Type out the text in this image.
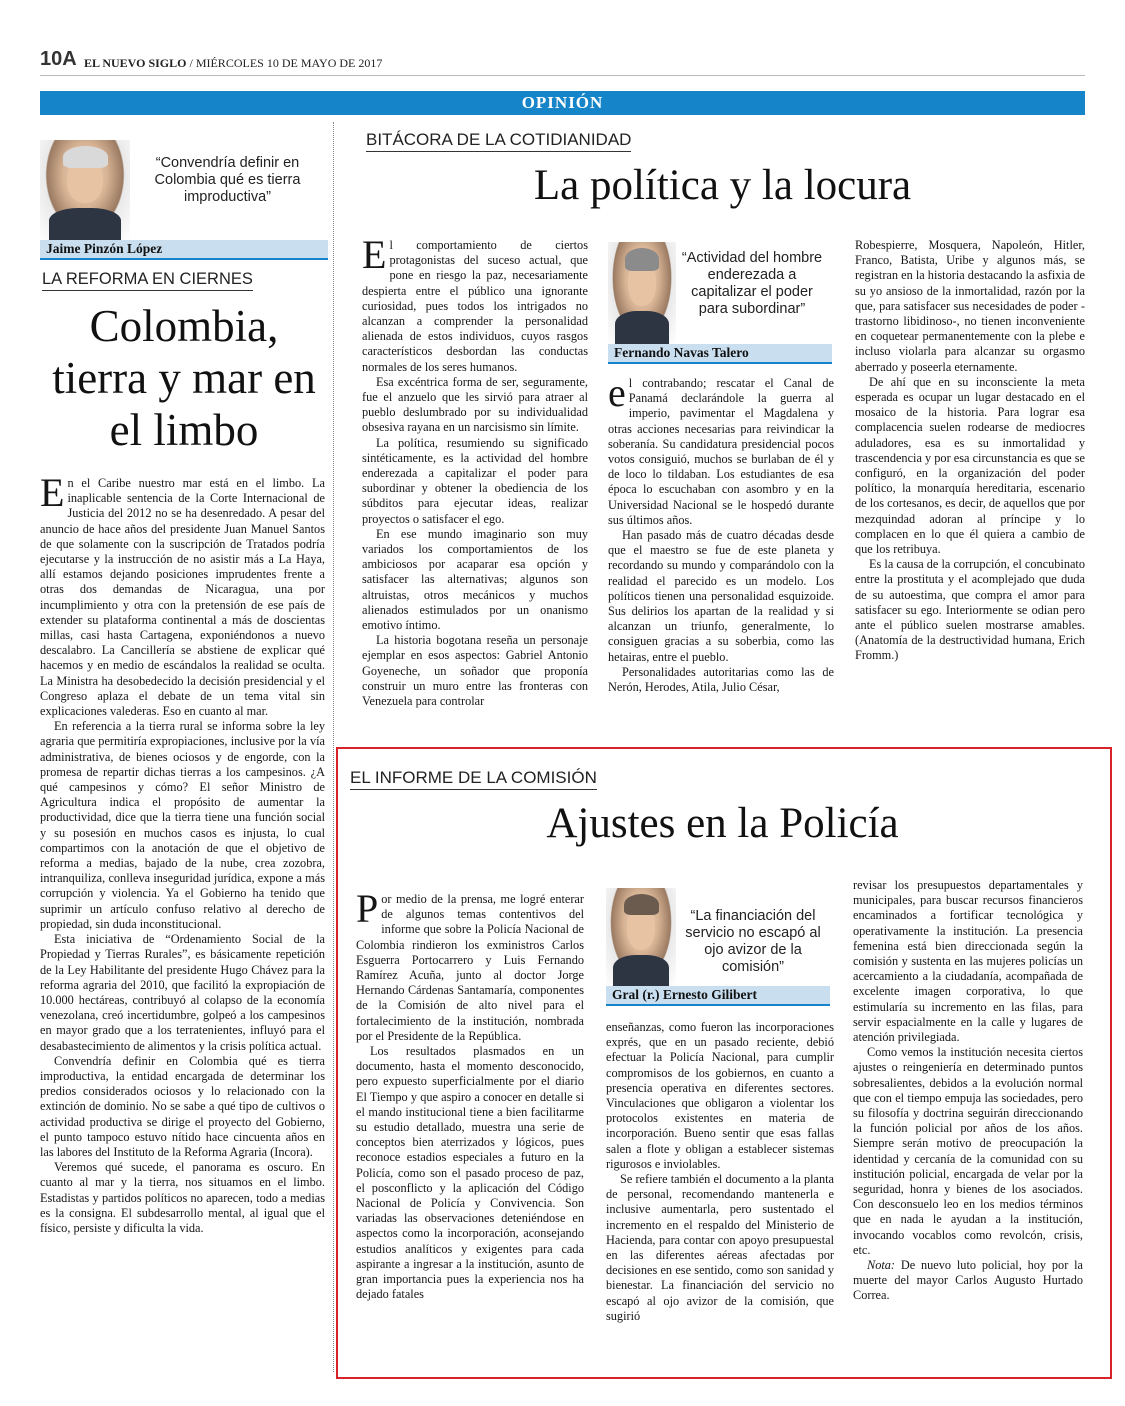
10A EL NUEVO SIGLO / MIÉRCOLES 10 DE MAYO DE 2017
OPINIÓN
“Convendría definir en Colombia qué es tierra improductiva”
Jaime Pinzón López
LA REFORMA EN CIERNES
Colombia, tierra y mar en el limbo

En el Caribe nuestro mar está en el limbo. La inaplicable sentencia de la Corte Internacional de Justicia del 2012 no se ha desenredado. A pesar del anuncio de hace años del presidente Juan Manuel Santos de que solamente con la suscripción de Tratados podría ejecutarse y la instrucción de no asistir más a La Haya, allí estamos dejando posiciones imprudentes frente a otras dos demandas de Nicaragua, una por incumplimiento y otra con la pretensión de ese país de extender su plataforma continental a más de doscientas millas, casi hasta Cartagena, exponiéndonos a nuevo descalabro. La Cancillería se abstiene de explicar qué hacemos y en medio de escándalos la realidad se oculta. La Ministra ha desobedecido la decisión presidencial y el Congreso aplaza el debate de un tema vital sin explicaciones valederas. Eso en cuanto al mar.

En referencia a la tierra rural se informa sobre la ley agraria que permitiría expropiaciones, inclusive por la vía administrativa, de bienes ociosos y de engorde, con la promesa de repartir dichas tierras a los campesinos. ¿A qué campesinos y cómo? El señor Ministro de Agricultura indica el propósito de aumentar la productividad, dice que la tierra tiene una función social y su posesión en muchos casos es injusta, lo cual compartimos con la anotación de que el objetivo de reforma a medias, bajado de la nube, crea zozobra, intranquiliza, conlleva inseguridad jurídica, expone a más corrupción y violencia. Ya el Gobierno ha tenido que suprimir un artículo confuso relativo al derecho de propiedad, sin duda inconstitucional.

Esta iniciativa de “Ordenamiento Social de la Propiedad y Tierras Rurales”, es básicamente repetición de la Ley Habilitante del presidente Hugo Chávez para la reforma agraria del 2010, que facilitó la expropiación de 10.000 hectáreas, contribuyó al colapso de la economía venezolana, creó incertidumbre, golpeó a los campesinos en mayor grado que a los terratenientes, influyó para el desabastecimiento de alimentos y la crisis política actual.

Convendría definir en Colombia qué es tierra improductiva, la entidad encargada de determinar los predios considerados ociosos y lo relacionado con la extinción de dominio. No se sabe a qué tipo de cultivos o actividad productiva se dirige el proyecto del Gobierno, el punto tampoco estuvo nítido hace cincuenta años en las labores del Instituto de la Reforma Agraria (Incora).

Veremos qué sucede, el panorama es oscuro. En cuanto al mar y la tierra, nos situamos en el limbo. Estadistas y partidos políticos no aparecen, todo a medias es la consigna. El subdesarrollo mental, al igual que el físico, persiste y dificulta la vida.

BITÁCORA DE LA COTIDIANIDAD
La política y la locura

El comportamiento de ciertos protagonistas del suceso actual, que pone en riesgo la paz, necesariamente despierta entre el público una ignorante curiosidad, pues todos los intrigados no alcanzan a comprender la personalidad alienada de estos individuos, cuyos rasgos característicos desbordan las conductas normales de los seres humanos.

Esa excéntrica forma de ser, seguramente, fue el anzuelo que les sirvió para atraer al pueblo deslumbrado por su individualidad obsesiva rayana en un narcisismo sin límite.

La política, resumiendo su significado sintéticamente, es la actividad del hombre enderezada a capitalizar el poder para subordinar y obtener la obediencia de los súbditos para ejecutar ideas, realizar proyectos o satisfacer el ego.

En ese mundo imaginario son muy variados los comportamientos de los ambiciosos por acaparar esa opción y satisfacer las alternativas; algunos son altruistas, otros mecánicos y muchos alienados estimulados por un onanismo emotivo íntimo.

La historia bogotana reseña un personaje ejemplar en esos aspectos: Gabriel Antonio Goyeneche, un soñador que proponía construir un muro entre las fronteras con Venezuela para controlar

“Actividad del hombre enderezada a capitalizar el poder para subordinar”
Fernando Navas Talero

el contrabando; rescatar el Canal de Panamá declarándole la guerra al imperio, pavimentar el Magdalena y otras acciones necesarias para reivindicar la soberanía. Su candidatura presidencial pocos votos consiguió, muchos se burlaban de él y de loco lo tildaban. Los estudiantes de esa época lo escuchaban con asombro y en la Universidad Nacional se le hospedó durante sus últimos años.

Han pasado más de cuatro décadas desde que el maestro se fue de este planeta y recordando su mundo y comparándolo con la realidad el parecido es un modelo. Los políticos tienen una personalidad esquizoide. Sus delirios los apartan de la realidad y si alcanzan un triunfo, generalmente, lo consiguen gracias a su soberbia, como las hetairas, entre el pueblo.

Personalidades autoritarias como las de Nerón, Herodes, Atila, Julio César,

Robespierre, Mosquera, Napoleón, Hitler, Franco, Batista, Uribe y algunos más, se registran en la historia destacando la asfixia de su yo ansioso de la inmortalidad, razón por la que, para satisfacer sus necesidades de poder -trastorno libidinoso-, no tienen inconveniente en coquetear permanentemente con la plebe e incluso violarla para alcanzar su orgasmo aberrado y poseerla eternamente.

De ahí que en su inconsciente la meta esperada es ocupar un lugar destacado en el mosaico de la historia. Para lograr esa complacencia suelen rodearse de mediocres aduladores, esa es su inmortalidad y trascendencia y por esa circunstancia es que se configuró, en la organización del poder político, la monarquía hereditaria, escenario de los cortesanos, es decir, de aquellos que por mezquindad adoran al príncipe y lo complacen en lo que él quiera a cambio de que los retribuya.

Es la causa de la corrupción, el concubinato entre la prostituta y el acomplejado que duda de su autoestima, que compra el amor para satisfacer su ego. Interiormente se odian pero ante el público suelen mostrarse amables. (Anatomía de la destructividad humana, Erich Fromm.)

EL INFORME DE LA COMISIÓN
Ajustes en la Policía

Por medio de la prensa, me logré enterar de algunos temas contentivos del informe que sobre la Policía Nacional de Colombia rindieron los exministros Carlos Esguerra Portocarrero y Luis Fernando Ramírez Acuña, junto al doctor Jorge Hernando Cárdenas Santamaría, componentes de la Comisión de alto nivel para el fortalecimiento de la institución, nombrada por el Presidente de la República.

Los resultados plasmados en un documento, hasta el momento desconocido, pero expuesto superficialmente por el diario El Tiempo y que aspiro a conocer en detalle si el mando institucional tiene a bien facilitarme su estudio detallado, muestra una serie de conceptos bien aterrizados y lógicos, pues reconoce estadios especiales a futuro en la Policía, como son el pasado proceso de paz, el posconflicto y la aplicación del Código Nacional de Policía y Convivencia. Son variadas las observaciones deteniéndose en aspectos como la incorporación, aconsejando estudios analíticos y exigentes para cada aspirante a ingresar a la institución, asunto de gran importancia pues la experiencia nos ha dejado fatales

“La financiación del servicio no escapó al ojo avizor de la comisión”
Gral (r.) Ernesto Gilibert

enseñanzas, como fueron las incorporaciones exprés, que en un pasado reciente, debió efectuar la Policía Nacional, para cumplir compromisos de los gobiernos, en cuanto a presencia operativa en diferentes sectores. Vinculaciones que obligaron a violentar los protocolos existentes en materia de incorporación. Bueno sentir que esas fallas salen a flote y obligan a establecer sistemas rigurosos e inviolables.

Se refiere también el documento a la planta de personal, recomendando mantenerla e inclusive aumentarla, pero sustentado el incremento en el respaldo del Ministerio de Hacienda, para contar con apoyo presupuestal en las diferentes aéreas afectadas por decisiones en ese sentido, como son sanidad y bienestar. La financiación del servicio no escapó al ojo avizor de la comisión, que sugirió

revisar los presupuestos departamentales y municipales, para buscar recursos financieros encaminados a fortificar tecnológica y operativamente la institución. La presencia femenina está bien direccionada según la comisión y sustenta en las mujeres policías un acercamiento a la ciudadanía, acompañada de excelente imagen corporativa, lo que estimularía su incremento en las filas, para servir espacialmente en la calle y lugares de atención privilegiada.

Como vemos la institución necesita ciertos ajustes o reingeniería en determinado puntos sobresalientes, debidos a la evolución normal que con el tiempo empuja las sociedades, pero su filosofía y doctrina seguirán direccionando la función policial por años de los años. Siempre serán motivo de preocupación la identidad y cercanía de la comunidad con su institución policial, encargada de velar por la seguridad, honra y bienes de los asociados. Con desconsuelo leo en los medios términos que en nada le ayudan a la institución, invocando vocablos como revolcón, crisis, etc.

Nota: De nuevo luto policial, hoy por la muerte del mayor Carlos Augusto Hurtado Correa.
